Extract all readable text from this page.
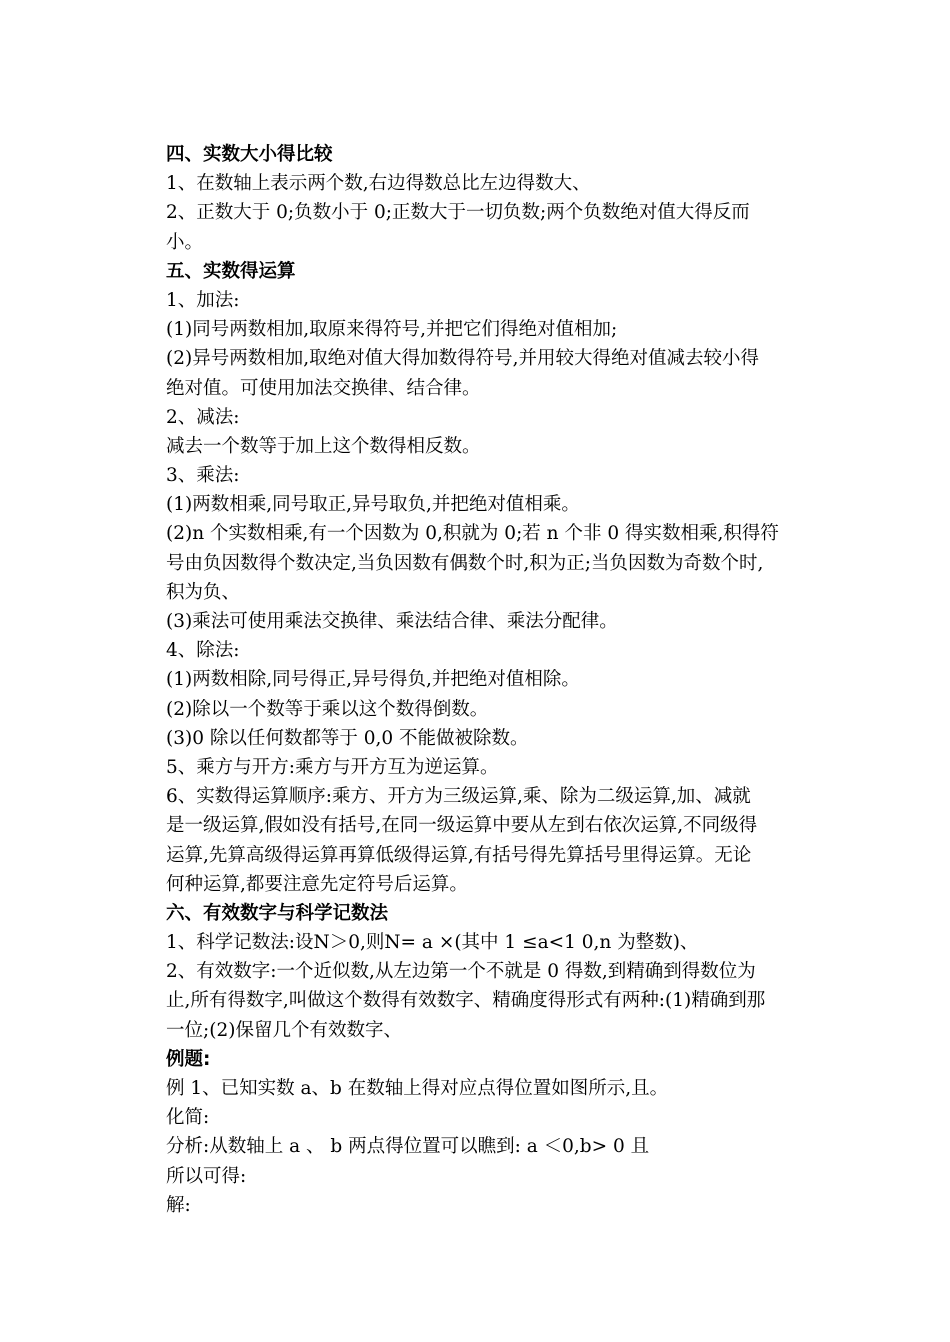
四、实数大小得比较
1、在数轴上表示两个数,右边得数总比左边得数大、
2、正数大于 0;负数小于 0;正数大于一切负数;两个负数绝对值大得反而
小。
五、实数得运算
1、加法:
(1)同号两数相加,取原来得符号,并把它们得绝对值相加;
(2)异号两数相加,取绝对值大得加数得符号,并用较大得绝对值减去较小得
绝对值。可使用加法交换律、结合律。
2、减法:
减去一个数等于加上这个数得相反数。
3、乘法:
(1)两数相乘,同号取正,异号取负,并把绝对值相乘。
(2)n 个实数相乘,有一个因数为 0,积就为 0;若 n 个非 0 得实数相乘,积得符
号由负因数得个数决定,当负因数有偶数个时,积为正;当负因数为奇数个时,
积为负、
(3)乘法可使用乘法交换律、乘法结合律、乘法分配律。
4、除法:
(1)两数相除,同号得正,异号得负,并把绝对值相除。
(2)除以一个数等于乘以这个数得倒数。
(3)0 除以任何数都等于 0,0 不能做被除数。
5、乘方与开方:乘方与开方互为逆运算。
6、实数得运算顺序:乘方、开方为三级运算,乘、除为二级运算,加、减就
是一级运算,假如没有括号,在同一级运算中要从左到右依次运算,不同级得
运算,先算高级得运算再算低级得运算,有括号得先算括号里得运算。无论
何种运算,都要注意先定符号后运算。
六、有效数字与科学记数法
1、科学记数法:设N＞0,则N= a ×(其中 1 ≤a<1 0,n 为整数)、
2、有效数字:一个近似数,从左边第一个不就是 0 得数,到精确到得数位为
止,所有得数字,叫做这个数得有效数字、精确度得形式有两种:(1)精确到那
一位;(2)保留几个有效数字、
例题:
例 1、已知实数 a、b 在数轴上得对应点得位置如图所示,且。
化简:
分析:从数轴上 a 、 b 两点得位置可以瞧到: a ＜0,b> 0 且
所以可得:
解:
